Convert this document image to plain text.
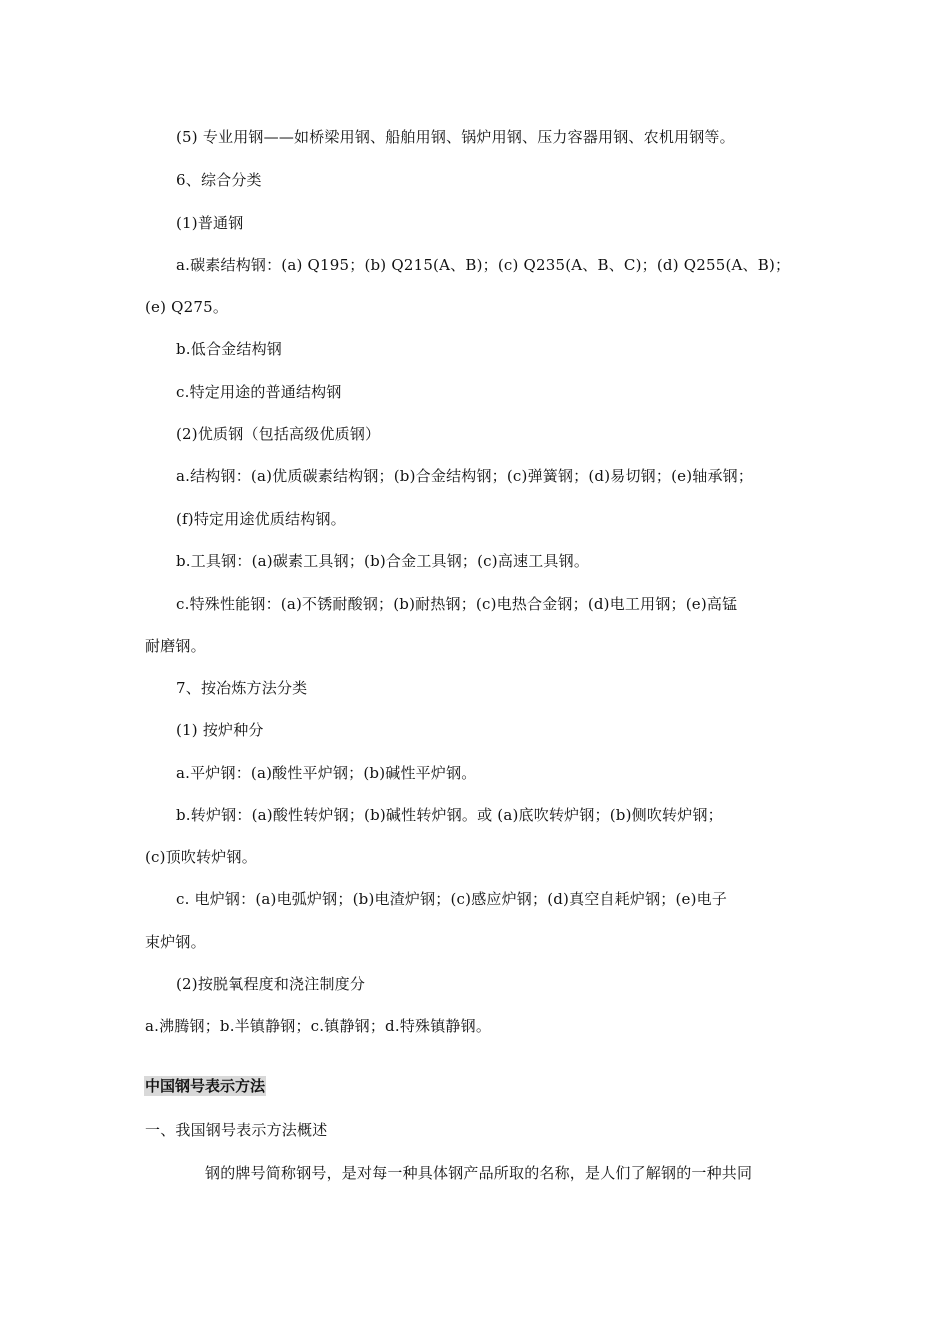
(5) 专业用钢——如桥梁用钢、船舶用钢、锅炉用钢、压力容器用钢、农机用钢等。
6、综合分类
(1)普通钢
a.碳素结构钢：(a) Q195；(b) Q215(A、B)；(c) Q235(A、B、C)；(d) Q255(A、B)；
(e) Q275。
b.低合金结构钢
c.特定用途的普通结构钢
(2)优质钢（包括高级优质钢）
a.结构钢：(a)优质碳素结构钢；(b)合金结构钢；(c)弹簧钢；(d)易切钢；(e)轴承钢；
(f)特定用途优质结构钢。
b.工具钢：(a)碳素工具钢；(b)合金工具钢；(c)高速工具钢。
c.特殊性能钢：(a)不锈耐酸钢；(b)耐热钢；(c)电热合金钢；(d)电工用钢；(e)高锰
耐磨钢。
7、按冶炼方法分类
(1) 按炉种分
a.平炉钢：(a)酸性平炉钢；(b)碱性平炉钢。
b.转炉钢：(a)酸性转炉钢；(b)碱性转炉钢。或 (a)底吹转炉钢；(b)侧吹转炉钢；
(c)顶吹转炉钢。
c. 电炉钢：(a)电弧炉钢；(b)电渣炉钢；(c)感应炉钢；(d)真空自耗炉钢；(e)电子
束炉钢。
(2)按脱氧程度和浇注制度分
a.沸腾钢；b.半镇静钢；c.镇静钢；d.特殊镇静钢。
中国钢号表示方法
一、我国钢号表示方法概述
钢的牌号简称钢号，是对每一种具体钢产品所取的名称，是人们了解钢的一种共同
